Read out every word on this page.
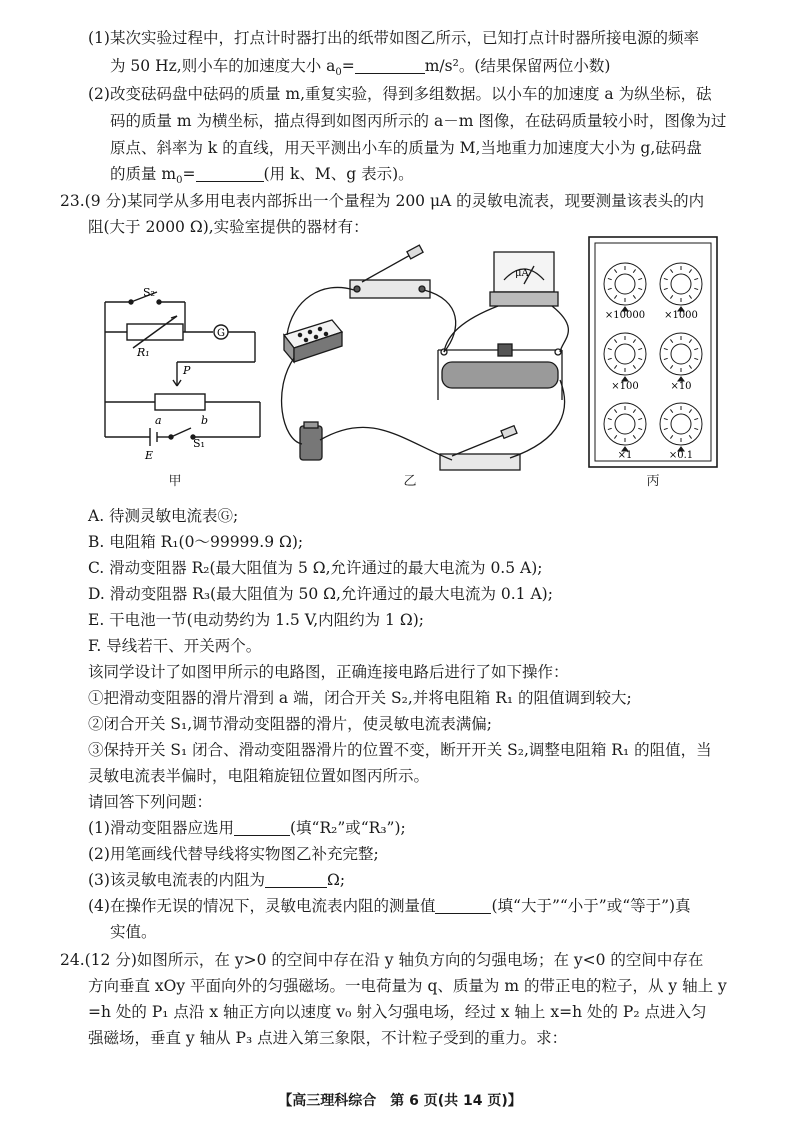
(1)某次实验过程中，打点计时器打出的纸带如图乙所示，已知打点计时器所接电源的频率
为 50 Hz,则小车的加速度大小 $a_0=$	m/s²。(结果保留两位小数)
(2)改变砝码盘中砝码的质量 m,重复实验，得到多组数据。以小车的加速度 a 为纵坐标，砝
码的质量 m 为横坐标，描点得到如图丙所示的 a－m 图像，在砝码质量较小时，图像为过
原点、斜率为 k 的直线，用天平测出小车的质量为 M,当地重力加速度大小为 g,砝码盘
的质量 $m_0=$	(用 k、M、g 表示)。
23.(9 分)某同学从多用电表内部拆出一个量程为 200 μA 的灵敏电流表，现要测量该表头的内
阻(大于 2000 Ω),实验室提供的器材有：
S₂
R₁
G
P
a	b
S₁
E
甲
μA
乙
×10000 ×1000
×100	×10
×1	×0.1
丙
A. 待测灵敏电流表Ⓖ;
B. 电阻箱 R₁(0～99999.9 Ω);
C. 滑动变阻器 R₂(最大阻值为 5 Ω,允许通过的最大电流为 0.5 A);
D. 滑动变阻器 R₃(最大阻值为 50 Ω,允许通过的最大电流为 0.1 A);
E. 干电池一节(电动势约为 1.5 V,内阻约为 1 Ω);
F. 导线若干、开关两个。
该同学设计了如图甲所示的电路图，正确连接电路后进行了如下操作：
①把滑动变阻器的滑片滑到 a 端，闭合开关 S₂,并将电阻箱 R₁ 的阻值调到较大;
②闭合开关 S₁,调节滑动变阻器的滑片，使灵敏电流表满偏;
③保持开关 S₁ 闭合、滑动变阻器滑片的位置不变，断开开关 S₂,调整电阻箱 R₁ 的阻值，当
灵敏电流表半偏时，电阻箱旋钮位置如图丙所示。
请回答下列问题：
(1)滑动变阻器应选用	(填“R₂”或“R₃”);
(2)用笔画线代替导线将实物图乙补充完整;
(3)该灵敏电流表的内阻为	Ω;
(4)在操作无误的情况下，灵敏电流表内阻的测量值	(填“大于”“小于”或“等于”)真
实值。
24.(12 分)如图所示，在 y>0 的空间中存在沿 y 轴负方向的匀强电场；在 y<0 的空间中存在
方向垂直 xOy 平面向外的匀强磁场。一电荷量为 q、质量为 m 的带正电的粒子，从 y 轴上 y
=h 处的 P₁ 点沿 x 轴正方向以速度 v₀ 射入匀强电场，经过 x 轴上 x=h 处的 P₂ 点进入匀
强磁场，垂直 y 轴从 P₃ 点进入第三象限，不计粒子受到的重力。求：
【高三理科综合　第 6 页(共 14 页)】
